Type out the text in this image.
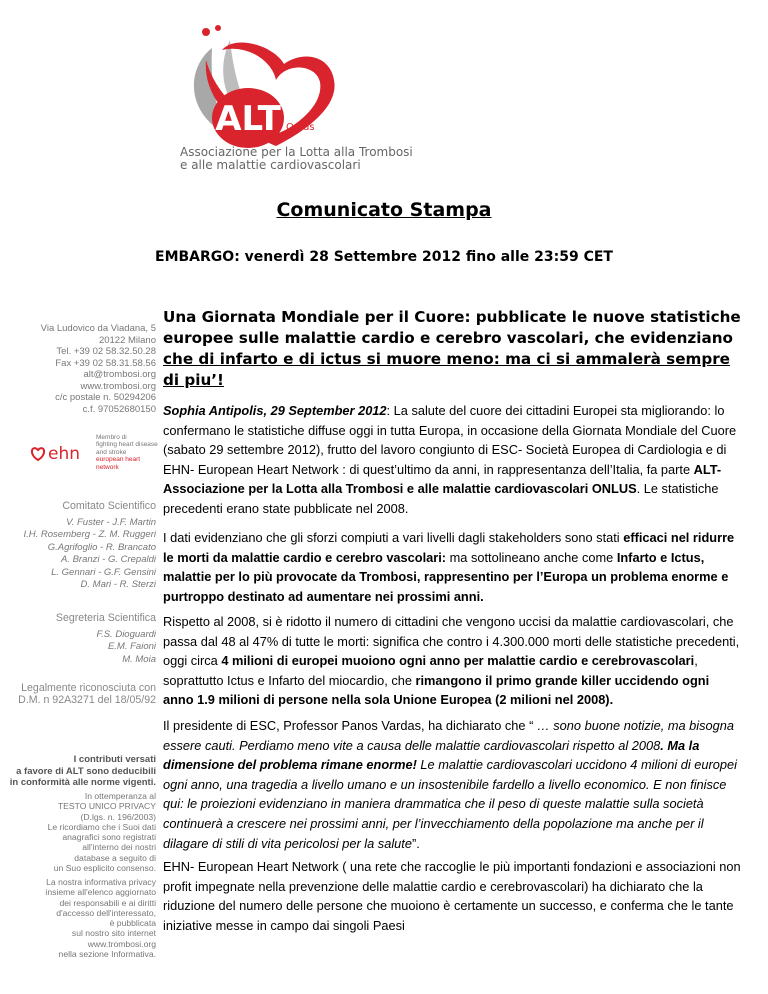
ALT Onlus
Associazione per la Lotta alla Trombosi
e alle malattie cardiovascolari
Comunicato Stampa
EMBARGO: venerdì 28 Settembre 2012 fino alle 23:59 CET
Una Giornata Mondiale per il Cuore: pubblicate le nuove statistiche europee sulle malattie cardio e cerebro vascolari, che evidenziano che di infarto e di ictus si muore meno: ma ci si ammalerà sempre di piu’!
Via Ludovico da Viadana, 5
20122 Milano
Tel. +39 02 58.32.50.28
Fax +39 02 58.31.58.56
alt@trombosi.org
www.trombosi.org
c/c postale n. 50294206
c.f. 97052680150
ehn
Membro di
fighting heart disease
and stroke
european heart network
Comitato Scientifico
V. Fuster - J.F. Martin
I.H. Rosemberg - Z. M. Ruggeri
G.Agrifoglio - R. Brancato
A. Branzi - G. Crepaldi
L. Gennari - G.F. Gensini
D. Mari - R. Sterzi
Segreteria Scientifica
F.S. Dioguardi
E.M. Faioni
M. Moia
Legalmente riconosciuta con
D.M. n 92A3271 del 18/05/92
I contributi versati
a favore di ALT sono deducibili
in conformità alle norme vigenti.
In ottemperanza al
TESTO UNICO PRIVACY
(D.lgs. n. 196/2003)
Le ricordiamo che i Suoi dati
anagrafici sono registrati
all'interno dei nostri
database a seguito di
un Suo esplicito consenso.
La nostra informativa privacy
insieme all'elenco aggiornato
dei responsabili e ai diritti
d'accesso dell'interessato,
è pubblicata
sul nostro sito internet
www.trombosi.org
nella sezione Informativa.
Sophia Antipolis, 29 September 2012: La salute del cuore dei cittadini Europei sta migliorando: lo confermano le statistiche diffuse oggi in tutta Europa, in occasione della Giornata Mondiale del Cuore (sabato 29 settembre 2012), frutto del lavoro congiunto di ESC- Società Europea di Cardiologia e di EHN- European Heart Network : di quest’ultimo da anni, in rappresentanza dell’Italia, fa parte ALT- Associazione per la Lotta alla Trombosi e alle malattie cardiovascolari ONLUS. Le statistiche precedenti erano state pubblicate nel 2008.
I dati evidenziano che gli sforzi compiuti a vari livelli dagli stakeholders sono stati efficaci nel ridurre le morti da malattie cardio e cerebro vascolari: ma sottolineano anche come Infarto e Ictus, malattie per lo più provocate da Trombosi, rappresentino per l’Europa un problema enorme e purtroppo destinato ad aumentare nei prossimi anni.
Rispetto al 2008, si è ridotto il numero di cittadini che vengono uccisi da malattie cardiovascolari, che passa dal 48 al 47% di tutte le morti: significa che contro i 4.300.000 morti delle statistiche precedenti, oggi circa 4 milioni di europei muoiono ogni anno per malattie cardio e cerebrovascolari, soprattutto Ictus e Infarto del miocardio, che rimangono il primo grande killer uccidendo ogni anno 1.9 milioni di persone nella sola Unione Europea (2 milioni nel 2008).
Il presidente di ESC, Professor Panos Vardas, ha dichiarato che “ … sono buone notizie, ma bisogna essere cauti. Perdiamo meno vite a causa delle malattie cardiovascolari rispetto al 2008. Ma la dimensione del problema rimane enorme! Le malattie cardiovascolari uccidono 4 milioni di europei ogni anno, una tragedia a livello umano e un insostenibile fardello a livello economico. E non finisce qui: le proiezioni evidenziano in maniera drammatica che il peso di queste malattie sulla società continuerà a crescere nei prossimi anni, per l’invecchiamento della popolazione ma anche per il dilagare di stili di vita pericolosi per la salute”.
EHN- European Heart Network ( una rete che raccoglie le più importanti fondazioni e associazioni non profit impegnate nella prevenzione delle malattie cardio e cerebrovascolari) ha dichiarato che la riduzione del numero delle persone che muoiono è certamente un successo, e conferma che le tante iniziative messe in campo dai singoli Paesi
